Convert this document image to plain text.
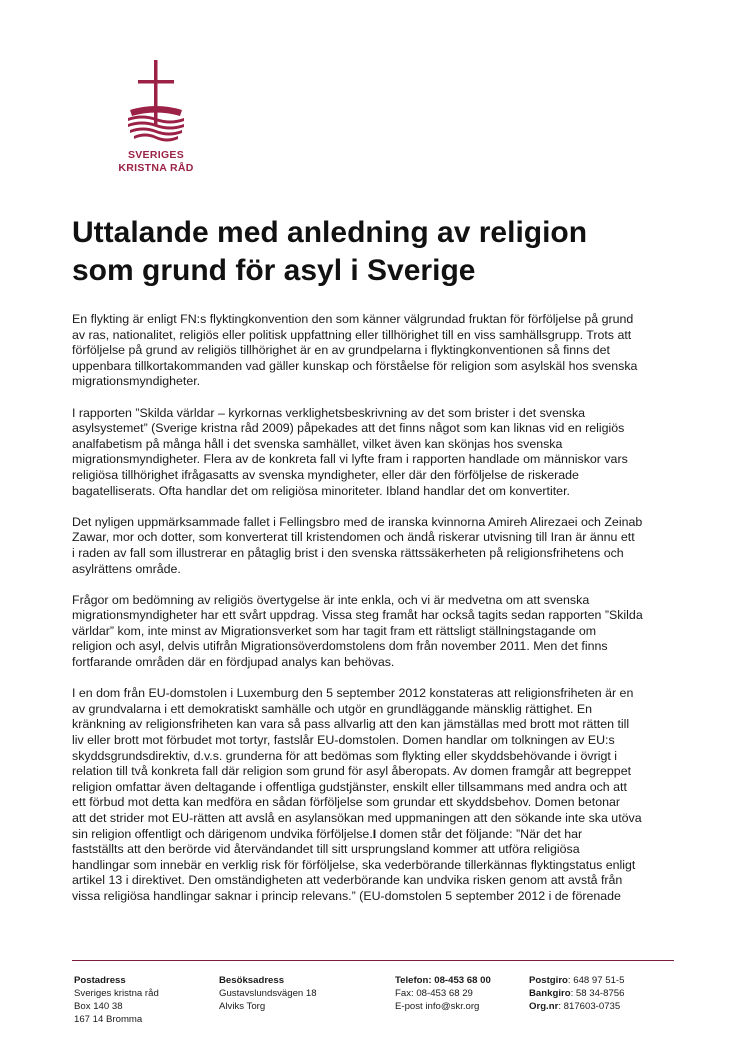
SVERIGES
KRISTNA RÅD
Uttalande med anledning av religion
som grund för asyl i Sverige

En flykting är enligt FN:s flyktingkonvention den som känner välgrundad fruktan för förföljelse på grund
av ras, nationalitet, religiös eller politisk uppfattning eller tillhörighet till en viss samhällsgrupp. Trots att
förföljelse på grund av religiös tillhörighet är en av grundpelarna i flyktingkonventionen så finns det
uppenbara tillkortakommanden vad gäller kunskap och förståelse för religion som asylskäl hos svenska
migrationsmyndigheter.

I rapporten ”Skilda världar – kyrkornas verklighetsbeskrivning av det som brister i det svenska
asylsystemet” (Sverige kristna råd 2009) påpekades att det finns något som kan liknas vid en religiös
analfabetism på många håll i det svenska samhället, vilket även kan skönjas hos svenska
migrationsmyndigheter. Flera av de konkreta fall vi lyfte fram i rapporten handlade om människor vars
religiösa tillhörighet ifrågasatts av svenska myndigheter, eller där den förföljelse de riskerade
bagatelliserats. Ofta handlar det om religiösa minoriteter. Ibland handlar det om konvertiter.

Det nyligen uppmärksammade fallet i Fellingsbro med de iranska kvinnorna Amireh Alirezaei och Zeinab
Zawar, mor och dotter, som konverterat till kristendomen och ändå riskerar utvisning till Iran är ännu ett
i raden av fall som illustrerar en påtaglig brist i den svenska rättssäkerheten på religionsfrihetens och
asylrättens område.

Frågor om bedömning av religiös övertygelse är inte enkla, och vi är medvetna om att svenska
migrationsmyndigheter har ett svårt uppdrag. Vissa steg framåt har också tagits sedan rapporten ”Skilda
världar” kom, inte minst av Migrationsverket som har tagit fram ett rättsligt ställningstagande om
religion och asyl, delvis utifrån Migrationsöverdomstolens dom från november 2011. Men det finns
fortfarande områden där en fördjupad analys kan behövas.

I en dom från EU-domstolen i Luxemburg den 5 september 2012 konstateras att religionsfriheten är en
av grundvalarna i ett demokratiskt samhälle och utgör en grundläggande mänsklig rättighet. En
kränkning av religionsfriheten kan vara så pass allvarlig att den kan jämställas med brott mot rätten till
liv eller brott mot förbudet mot tortyr, fastslår EU-domstolen. Domen handlar om tolkningen av EU:s
skyddsgrundsdirektiv, d.v.s. grunderna för att bedömas som flykting eller skyddsbehövande i övrigt i
relation till två konkreta fall där religion som grund för asyl åberopats. Av domen framgår att begreppet
religion omfattar även deltagande i offentliga gudstjänster, enskilt eller tillsammans med andra och att
ett förbud mot detta kan medföra en sådan förföljelse som grundar ett skyddsbehov. Domen betonar
att det strider mot EU-rätten att avslå en asylansökan med uppmaningen att den sökande inte ska utöva
sin religion offentligt och därigenom undvika förföljelse.I domen står det följande: ”När det har
fastställts att den berörde vid återvändandet till sitt ursprungsland kommer att utföra religiösa
handlingar som innebär en verklig risk för förföljelse, ska vederbörande tillerkännas flyktingstatus enligt
artikel 13 i direktivet. Den omständigheten att vederbörande kan undvika risken genom att avstå från
vissa religiösa handlingar saknar i princip relevans.” (EU-domstolen 5 september 2012 i de förenade

Postadress
Sveriges kristna råd
Box 140 38
167 14 Bromma
Besöksadress
Gustavslundsvägen 18
Alviks Torg
Telefon: 08-453 68 00
Fax: 08-453 68 29
E-post info@skr.org
Postgiro: 648 97 51-5
Bankgiro: 58 34-8756
Org.nr: 817603-0735
